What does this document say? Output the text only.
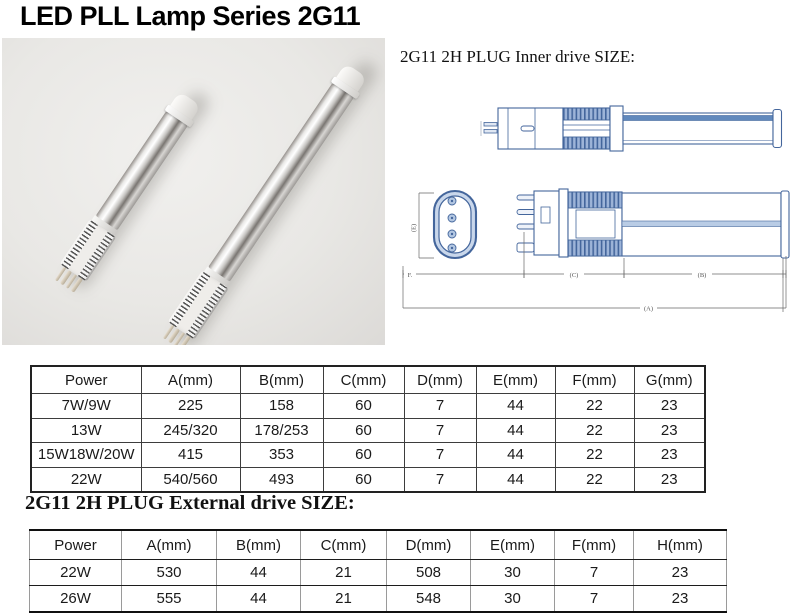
LED PLL Lamp Series 2G11
2G11 2H PLUG Inner drive SIZE:
(E)
F.	(C)	(B)
(A)
Power	A(mm)	B(mm)	C(mm)	D(mm)	E(mm)	F(mm)	G(mm)
7W/9W	225	158	60	7	44	22	23
13W	245/320	178/253	60	7	44	22	23
15W18W/20W	415	353	60	7	44	22	23
22W	540/560	493	60	7	44	22	23
2G11 2H PLUG External drive SIZE:
Power	A(mm)	B(mm)	C(mm)	D(mm)	E(mm)	F(mm)	H(mm)
22W	530	44	21	508	30	7	23
26W	555	44	21	548	30	7	23
